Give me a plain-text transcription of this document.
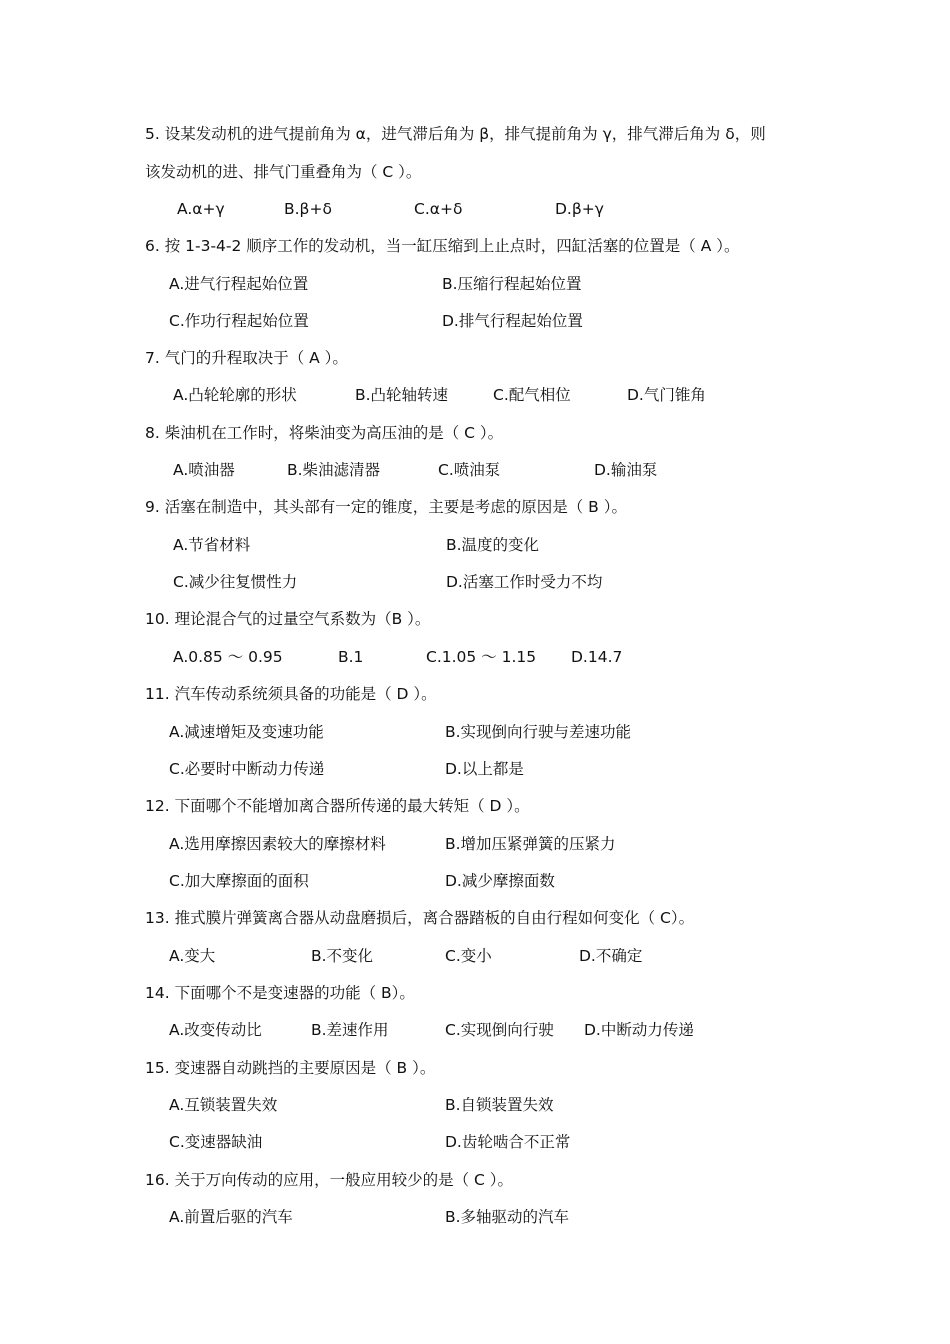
5. 设某发动机的进气提前角为 α，进气滞后角为 β，排气提前角为 γ，排气滞后角为 δ，则
该发动机的进、排气门重叠角为（ C ）。
A.α+γ	B.β+δ	C.α+δ	D.β+γ
6. 按 1-3-4-2 顺序工作的发动机，当一缸压缩到上止点时，四缸活塞的位置是（ A ）。
A.进气行程起始位置	B.压缩行程起始位置
C.作功行程起始位置	D.排气行程起始位置
7. 气门的升程取决于（ A ）。
A.凸轮轮廓的形状	B.凸轮轴转速	C.配气相位	D.气门锥角
8. 柴油机在工作时，将柴油变为高压油的是（ C ）。
A.喷油器	B.柴油滤清器	C.喷油泵	D.输油泵
9. 活塞在制造中，其头部有一定的锥度，主要是考虑的原因是（ B ）。
A.节省材料	B.温度的变化
C.减少往复惯性力	D.活塞工作时受力不均
10. 理论混合气的过量空气系数为（B ）。
A.0.85 ～ 0.95	B.1	C.1.05 ～ 1.15 D.14.7
11. 汽车传动系统须具备的功能是（ D ）。
A.减速增矩及变速功能	B.实现倒向行驶与差速功能
C.必要时中断动力传递	D.以上都是
12. 下面哪个不能增加离合器所传递的最大转矩（ D ）。
A.选用摩擦因素较大的摩擦材料	B.增加压紧弹簧的压紧力
C.加大摩擦面的面积	D.减少摩擦面数
13. 推式膜片弹簧离合器从动盘磨损后，离合器踏板的自由行程如何变化（ C）。
A.变大	B.不变化	C.变小	D.不确定
14. 下面哪个不是变速器的功能（ B）。
A.改变传动比	B.差速作用	C.实现倒向行驶 D.中断动力传递
15. 变速器自动跳挡的主要原因是（ B ）。
A.互锁装置失效	B.自锁装置失效
C.变速器缺油	D.齿轮啮合不正常
16. 关于万向传动的应用，一般应用较少的是（ C ）。
A.前置后驱的汽车	B.多轴驱动的汽车
